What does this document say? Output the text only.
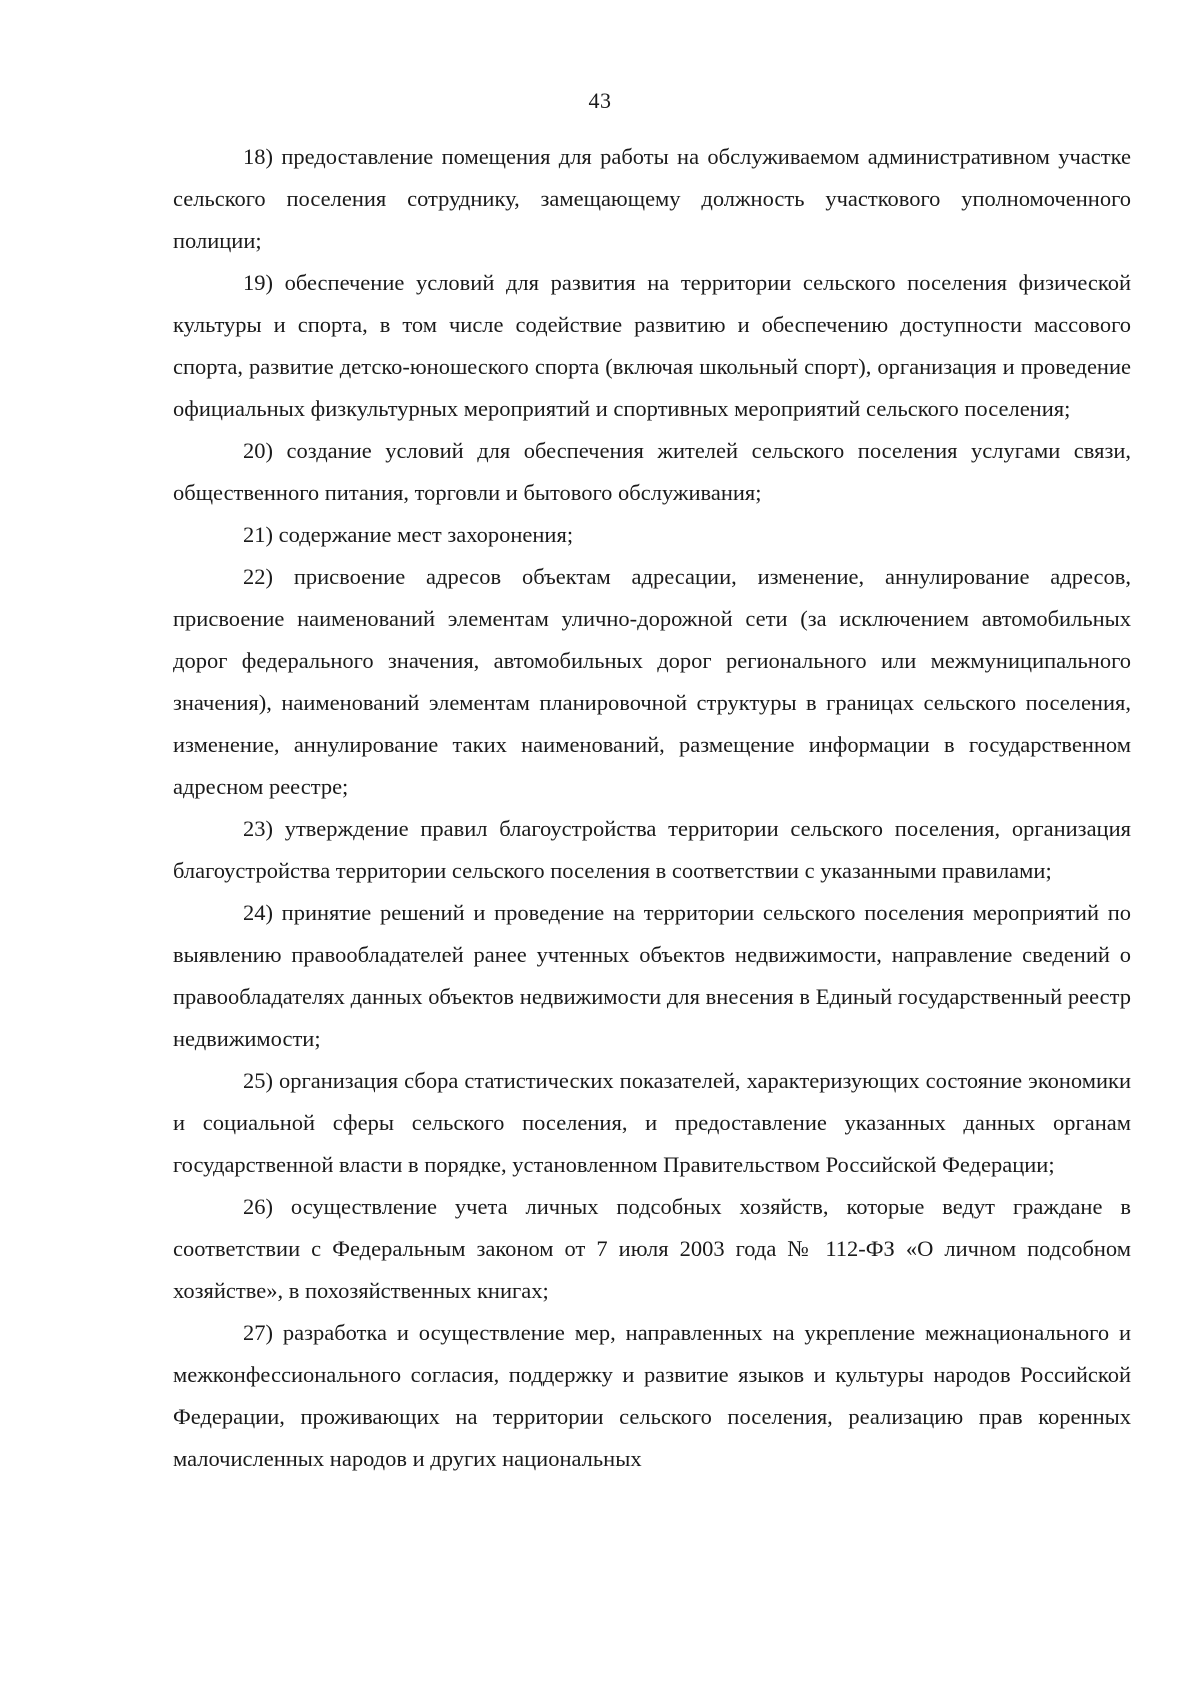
43

18) предоставление помещения для работы на обслуживаемом административном участке сельского поселения сотруднику, замещающему должность участкового уполномоченного полиции;

19) обеспечение условий для развития на территории сельского поселения физической культуры и спорта, в том числе содействие развитию и обеспечению доступности массового спорта, развитие детско-юношеского спорта (включая школьный спорт), организация и проведение официальных физкультурных мероприятий и спортивных мероприятий сельского поселения;

20) создание условий для обеспечения жителей сельского поселения услугами связи, общественного питания, торговли и бытового обслуживания;

21) содержание мест захоронения;

22) присвоение адресов объектам адресации, изменение, аннулирование адресов, присвоение наименований элементам улично-дорожной сети (за исключением автомобильных дорог федерального значения, автомобильных дорог регионального или межмуниципального значения), наименований элементам планировочной структуры в границах сельского поселения, изменение, аннулирование таких наименований, размещение информации в государственном адресном реестре;

23) утверждение правил благоустройства территории сельского поселения, организация благоустройства территории сельского поселения в соответствии с указанными правилами;

24) принятие решений и проведение на территории сельского поселения мероприятий по выявлению правообладателей ранее учтенных объектов недвижимости, направление сведений о правообладателях данных объектов недвижимости для внесения в Единый государственный реестр недвижимости;

25) организация сбора статистических показателей, характеризующих состояние экономики и социальной сферы сельского поселения, и предоставление указанных данных органам государственной власти в порядке, установленном Правительством Российской Федерации;

26) осуществление учета личных подсобных хозяйств, которые ведут граждане в соответствии с Федеральным законом от 7 июля 2003 года № 112-ФЗ «О личном подсобном хозяйстве», в похозяйственных книгах;

27) разработка и осуществление мер, направленных на укрепление межнационального и межконфессионального согласия, поддержку и развитие языков и культуры народов Российской Федерации, проживающих на территории сельского поселения, реализацию прав коренных малочисленных народов и других национальных
